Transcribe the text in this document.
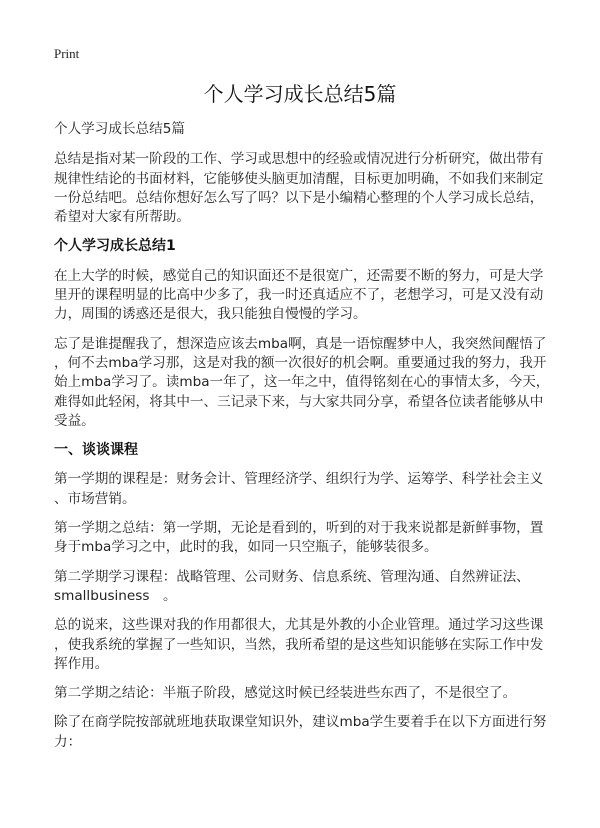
Print
个人学习成长总结5篇
个人学习成长总结5篇
总结是指对某一阶段的工作、学习或思想中的经验或情况进行分析研究，做出带有
规律性结论的书面材料，它能够使头脑更加清醒，目标更加明确，不如我们来制定
一份总结吧。总结你想好怎么写了吗？以下是小编精心整理的个人学习成长总结，
希望对大家有所帮助。
个人学习成长总结1
在上大学的时候，感觉自己的知识面还不是很宽广，还需要不断的努力，可是大学
里开的课程明显的比高中少多了，我一时还真适应不了，老想学习，可是又没有动
力，周围的诱惑还是很大，我只能独自慢慢的学习。
忘了是谁提醒我了，想深造应该去mba啊，真是一语惊醒梦中人，我突然间醒悟了
，何不去mba学习那，这是对我的额一次很好的机会啊。重要通过我的努力，我开
始上mba学习了。读mba一年了，这一年之中，值得铭刻在心的事情太多，今天，
难得如此轻闲，将其中一、三记录下来，与大家共同分享，希望各位读者能够从中
受益。
一、谈谈课程
第一学期的课程是：财务会计、管理经济学、组织行为学、运筹学、科学社会主义
、市场营销。
第一学期之总结：第一学期，无论是看到的，听到的对于我来说都是新鲜事物，置
身于mba学习之中，此时的我，如同一只空瓶子，能够装很多。
第二学期学习课程：战略管理、公司财务、信息系统、管理沟通、自然辨证法、
smallbusiness　。
总的说来，这些课对我的作用都很大，尤其是外教的小企业管理。通过学习这些课
，使我系统的掌握了一些知识，当然，我所希望的是这些知识能够在实际工作中发
挥作用。
第二学期之结论：半瓶子阶段，感觉这时候已经装进些东西了，不是很空了。
除了在商学院按部就班地获取课堂知识外，建议mba学生要着手在以下方面进行努
力：
